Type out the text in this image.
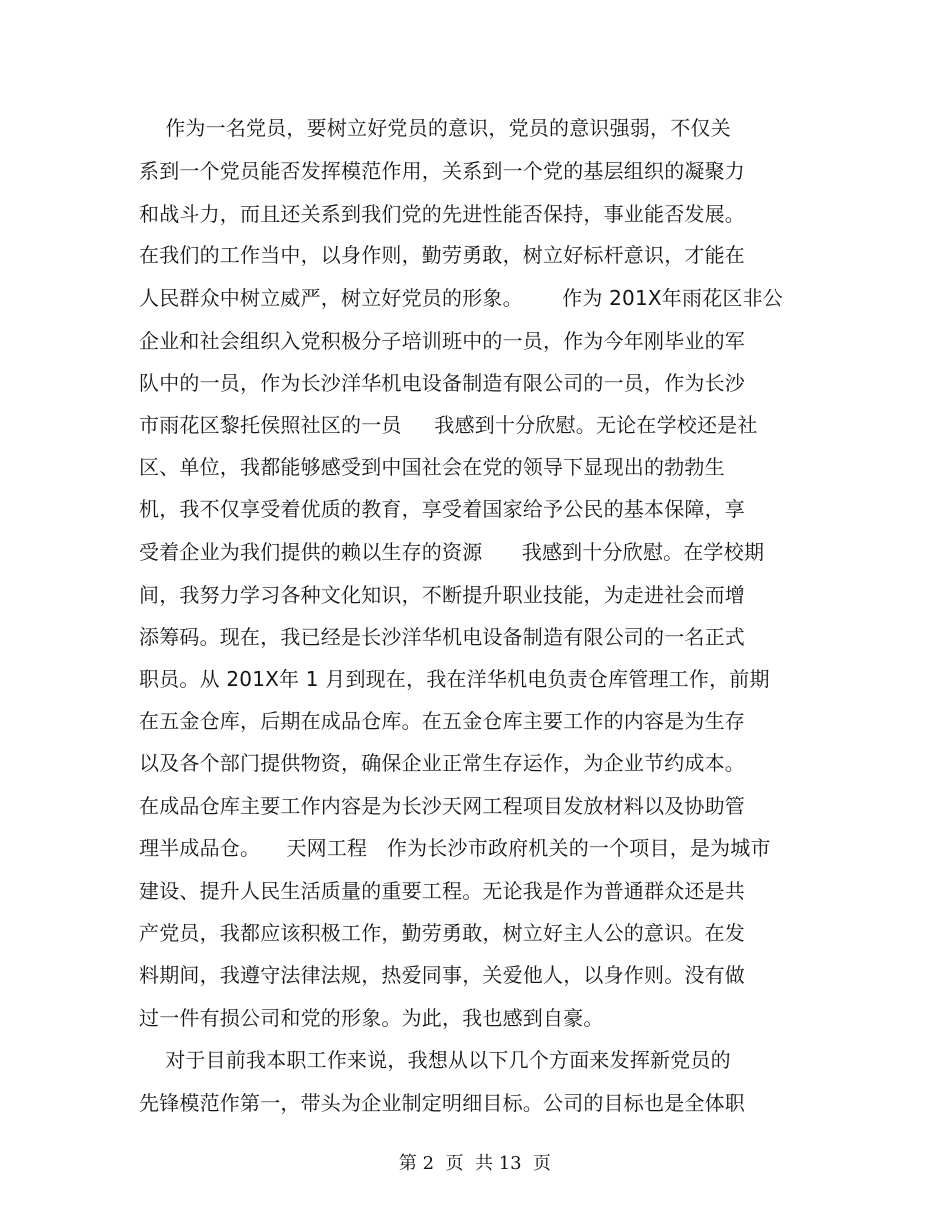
作为一名党员，要树立好党员的意识，党员的意识强弱，不仅关
系到一个党员能否发挥模范作用，关系到一个党的基层组织的凝聚力
和战斗力，而且还关系到我们党的先进性能否保持，事业能否发展。
在我们的工作当中，以身作则，勤劳勇敢，树立好标杆意识，才能在
人民群众中树立威严，树立好党员的形象。      作为 201X年雨花区非公
企业和社会组织入党积极分子培训班中的一员，作为今年刚毕业的军
队中的一员，作为长沙洋华机电设备制造有限公司的一员，作为长沙
市雨花区黎托侯照社区的一员     我感到十分欣慰。无论在学校还是社
区、单位，我都能够感受到中国社会在党的领导下显现出的勃勃生
机，我不仅享受着优质的教育，享受着国家给予公民的基本保障，享
受着企业为我们提供的赖以生存的资源      我感到十分欣慰。在学校期
间，我努力学习各种文化知识，不断提升职业技能，为走进社会而增
添筹码。现在，我已经是长沙洋华机电设备制造有限公司的一名正式
职员。从 201X年 1 月到现在，我在洋华机电负责仓库管理工作，前期
在五金仓库，后期在成品仓库。在五金仓库主要工作的内容是为生存
以及各个部门提供物资，确保企业正常生存运作，为企业节约成本。
在成品仓库主要工作内容是为长沙天网工程项目发放材料以及协助管
理半成品仓。    天网工程   作为长沙市政府机关的一个项目，是为城市
建设、提升人民生活质量的重要工程。无论我是作为普通群众还是共
产党员，我都应该积极工作，勤劳勇敢，树立好主人公的意识。在发
料期间，我遵守法律法规，热爱同事，关爱他人，以身作则。没有做
过一件有损公司和党的形象。为此，我也感到自豪。
对于目前我本职工作来说，我想从以下几个方面来发挥新党员的
先锋模范作第一，带头为企业制定明细目标。公司的目标也是全体职
第 2  页  共 13  页
